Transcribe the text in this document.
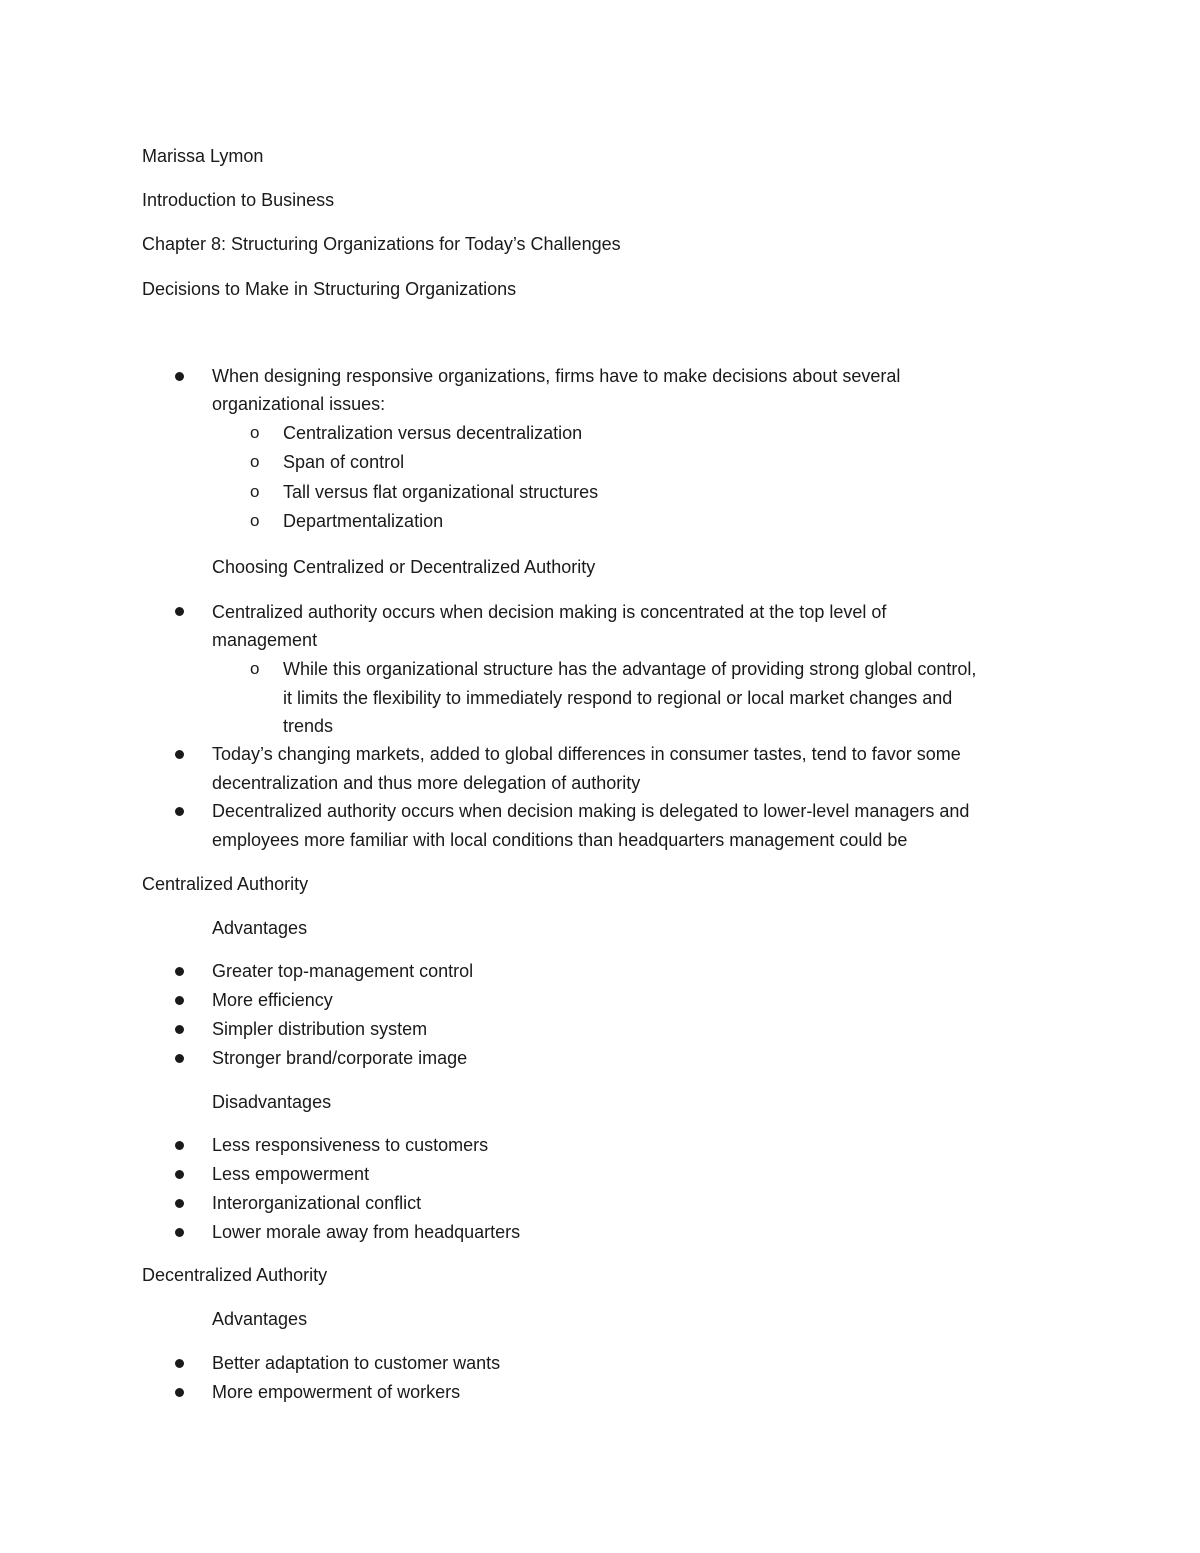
Marissa Lymon
Introduction to Business
Chapter 8: Structuring Organizations for Today’s Challenges
Decisions to Make in Structuring Organizations
When designing responsive organizations, firms have to make decisions about several
organizational issues:
o Centralization versus decentralization
o Span of control
o Tall versus flat organizational structures
o Departmentalization
Choosing Centralized or Decentralized Authority
Centralized authority occurs when decision making is concentrated at the top level of
management
o While this organizational structure has the advantage of providing strong global control,
it limits the flexibility to immediately respond to regional or local market changes and
trends
Today’s changing markets, added to global differences in consumer tastes, tend to favor some
decentralization and thus more delegation of authority
Decentralized authority occurs when decision making is delegated to lower-level managers and
employees more familiar with local conditions than headquarters management could be
Centralized Authority
Advantages
Greater top-management control
More efficiency
Simpler distribution system
Stronger brand/corporate image
Disadvantages
Less responsiveness to customers
Less empowerment
Interorganizational conflict
Lower morale away from headquarters
Decentralized Authority
Advantages
Better adaptation to customer wants
More empowerment of workers
